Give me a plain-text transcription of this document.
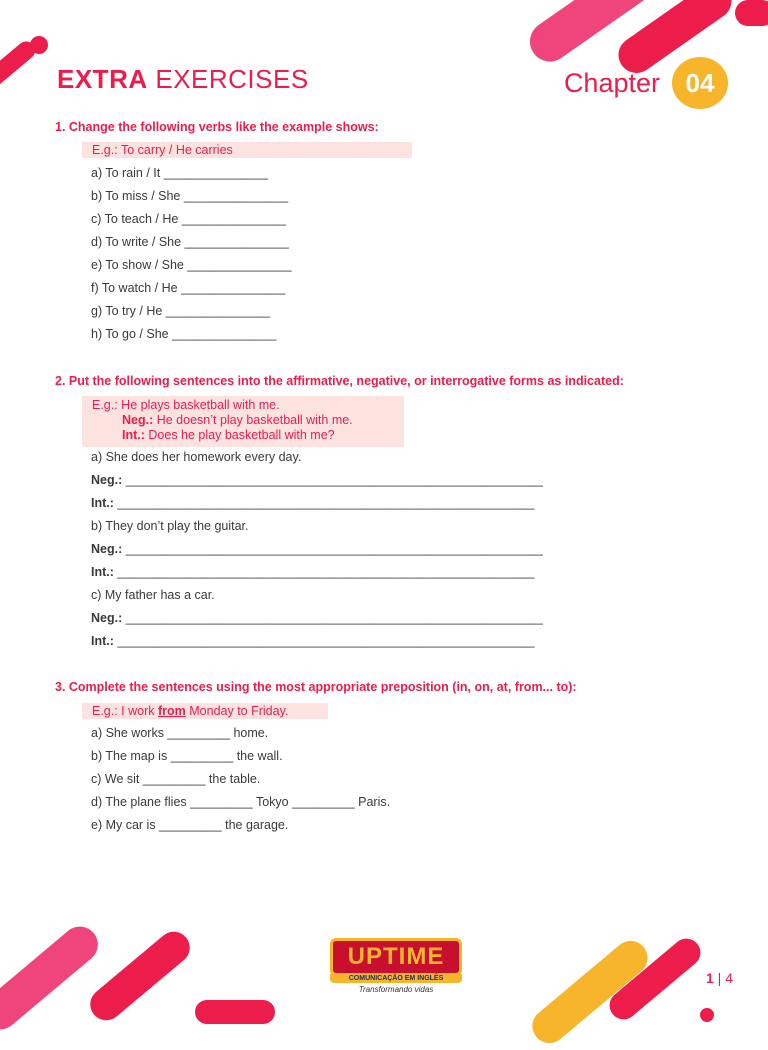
EXTRA EXERCISES	Chapter 04
1. Change the following verbs like the example shows:
E.g.: To carry / He carries
a) To rain / It _______________
b) To miss / She _______________
c) To teach / He _______________
d) To write / She _______________
e) To show / She _______________
f) To watch / He _______________
g) To try / He _______________
h) To go / She _______________
2. Put the following sentences into the affirmative, negative, or interrogative forms as indicated:
E.g.: He plays basketball with me.
Neg.: He doesn’t play basketball with me.
Int.: Does he play basketball with me?
a) She does her homework every day.
Neg.: ____________________________________________________________
Int.: ____________________________________________________________
b) They don’t play the guitar.
Neg.: ____________________________________________________________
Int.: ____________________________________________________________
c) My father has a car.
Neg.: ____________________________________________________________
Int.: ____________________________________________________________
3. Complete the sentences using the most appropriate preposition (in, on, at, from... to):
E.g.: I work from Monday to Friday.
a) She works _________ home.
b) The map is _________ the wall.
c) We sit _________ the table.
d) The plane flies _________ Tokyo _________ Paris.
e) My car is _________ the garage.
UPTIME
COMUNICAÇÃO EM INGLÊS
Transformando vidas
1 | 4
